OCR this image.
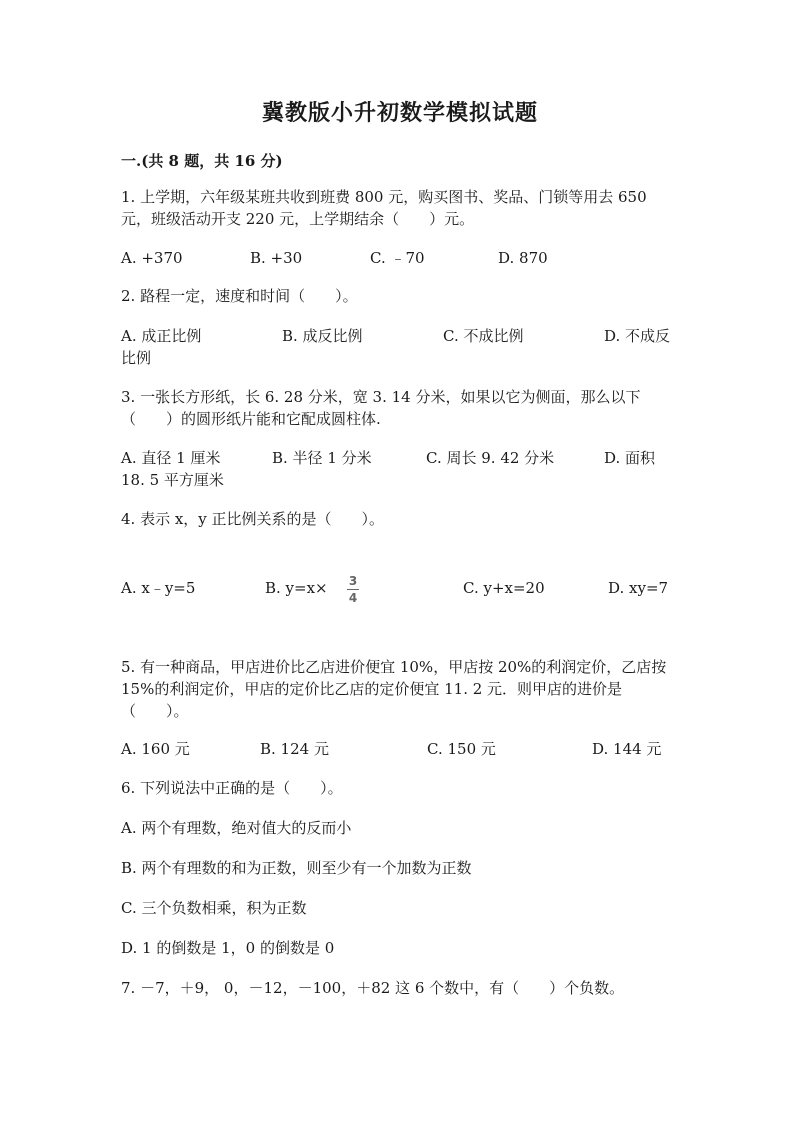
冀教版小升初数学模拟试题
一.(共 8 题，共 16 分)
1. 上学期，六年级某班共收到班费 800 元，购买图书、奖品、门锁等用去 650
元，班级活动开支 220 元，上学期结余（　　）元。
A. +370	B. +30	C. ﹣70	D. 870
2. 路程一定，速度和时间（　　）。
A. 成正比例	B. 成反比例	C. 不成比例	D. 不成反
比例
3. 一张长方形纸，长 6. 28 分米，宽 3. 14 分米，如果以它为侧面，那么以下
（　　）的圆形纸片能和它配成圆柱体.
A. 直径 1 厘米	B. 半径 1 分米	C. 周长 9. 42 分米	D. 面积
18. 5 平方厘米
4. 表示 x，y 正比例关系的是（　　）。
A. x﹣y=5	B. y=x×	3
4
C. y+x=20	D. xy=7
5. 有一种商品，甲店进价比乙店进价便宜 10%，甲店按 20%的利润定价，乙店按
15%的利润定价，甲店的定价比乙店的定价便宜 11. 2 元．则甲店的进价是
（　　）。
A. 160 元	B. 124 元	C. 150 元	D. 144 元
6. 下列说法中正确的是（　　）。
A. 两个有理数，绝对值大的反而小
B. 两个有理数的和为正数，则至少有一个加数为正数
C. 三个负数相乘，积为正数
D. 1 的倒数是 1，0 的倒数是 0
7. －7，＋9， 0，－12，－100，＋82 这 6 个数中，有（　　）个负数。
